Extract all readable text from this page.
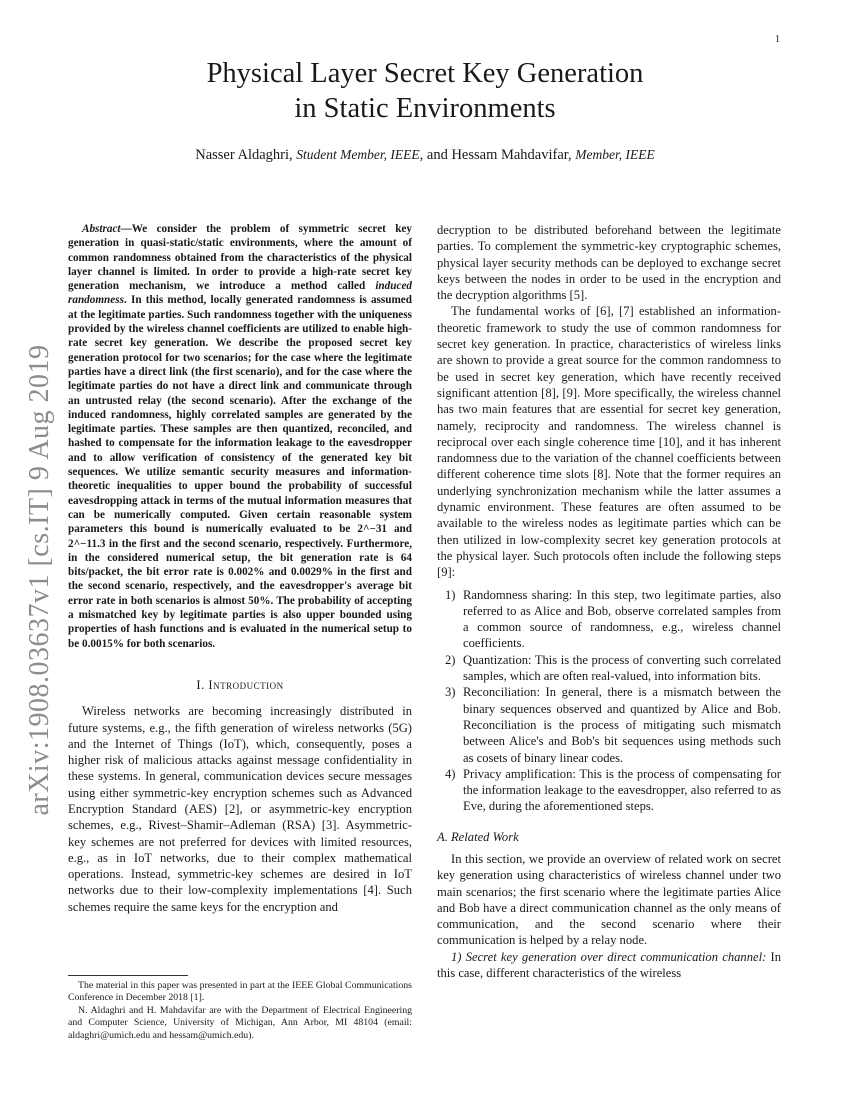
1
arXiv:1908.03637v1 [cs.IT] 9 Aug 2019
Physical Layer Secret Key Generation
in Static Environments
Nasser Aldaghri, Student Member, IEEE, and Hessam Mahdavifar, Member, IEEE

Abstract—We consider the problem of symmetric secret key generation in quasi-static/static environments, where the amount of common randomness obtained from the characteristics of the physical layer channel is limited. In order to provide a high-rate secret key generation mechanism, we introduce a method called induced randomness. In this method, locally generated randomness is assumed at the legitimate parties. Such randomness together with the uniqueness provided by the wireless channel coefficients are utilized to enable high-rate secret key generation. We describe the proposed secret key generation protocol for two scenarios; for the case where the legitimate parties have a direct link (the first scenario), and for the case where the legitimate parties do not have a direct link and communicate through an untrusted relay (the second scenario). After the exchange of the induced randomness, highly correlated samples are generated by the legitimate parties. These samples are then quantized, reconciled, and hashed to compensate for the information leakage to the eavesdropper and to allow verification of consistency of the generated key bit sequences. We utilize semantic security measures and information-theoretic inequalities to upper bound the probability of successful eavesdropping attack in terms of the mutual information measures that can be numerically computed. Given certain reasonable system parameters this bound is numerically evaluated to be 2^−31 and 2^−11.3 in the first and the second scenario, respectively. Furthermore, in the considered numerical setup, the bit generation rate is 64 bits/packet, the bit error rate is 0.002% and 0.0029% in the first and the second scenario, respectively, and the eavesdropper's average bit error rate in both scenarios is almost 50%. The probability of accepting a mismatched key by legitimate parties is also upper bounded using properties of hash functions and is evaluated in the numerical setup to be 0.0015% for both scenarios.

I. Introduction

Wireless networks are becoming increasingly distributed in future systems, e.g., the fifth generation of wireless networks (5G) and the Internet of Things (IoT), which, consequently, poses a higher risk of malicious attacks against message confidentiality in these systems. In general, communication devices secure messages using either symmetric-key encryption schemes such as Advanced Encryption Standard (AES) [2], or asymmetric-key encryption schemes, e.g., Rivest–Shamir–Adleman (RSA) [3]. Asymmetric-key schemes are not preferred for devices with limited resources, e.g., as in IoT networks, due to their complex mathematical operations. Instead, symmetric-key schemes are desired in IoT networks due to their low-complexity implementations [4]. Such schemes require the same keys for the encryption and

The material in this paper was presented in part at the IEEE Global Communications Conference in December 2018 [1].

N. Aldaghri and H. Mahdavifar are with the Department of Electrical Engineering and Computer Science, University of Michigan, Ann Arbor, MI 48104 (email: aldaghri@umich.edu and hessam@umich.edu).

decryption to be distributed beforehand between the legitimate parties. To complement the symmetric-key cryptographic schemes, physical layer security methods can be deployed to exchange secret keys between the nodes in order to be used in the encryption and the decryption algorithms [5].

The fundamental works of [6], [7] established an information-theoretic framework to study the use of common randomness for secret key generation. In practice, characteristics of wireless links are shown to provide a great source for the common randomness to be used in secret key generation, which have recently received significant attention [8], [9]. More specifically, the wireless channel has two main features that are essential for secret key generation, namely, reciprocity and randomness. The wireless channel is reciprocal over each single coherence time [10], and it has inherent randomness due to the variation of the channel coefficients between different coherence time slots [8]. Note that the former requires an underlying synchronization mechanism while the latter assumes a dynamic environment. These features are often assumed to be available to the wireless nodes as legitimate parties which can be then utilized in low-complexity secret key generation protocols at the physical layer. Such protocols often include the following steps [9]:

1) Randomness sharing: In this step, two legitimate parties, also referred to as Alice and Bob, observe correlated samples from a common source of randomness, e.g., wireless channel coefficients.
2) Quantization: This is the process of converting such correlated samples, which are often real-valued, into information bits.
3) Reconciliation: In general, there is a mismatch between the binary sequences observed and quantized by Alice and Bob. Reconciliation is the process of mitigating such mismatch between Alice's and Bob's bit sequences using methods such as cosets of binary linear codes.
4) Privacy amplification: This is the process of compensating for the information leakage to the eavesdropper, also referred to as Eve, during the aforementioned steps.
A. Related Work

In this section, we provide an overview of related work on secret key generation using characteristics of wireless channel under two main scenarios; the first scenario where the legitimate parties Alice and Bob have a direct communication channel as the only means of communication, and the second scenario where their communication is helped by a relay node.

1) Secret key generation over direct communication channel: In this case, different characteristics of the wireless
